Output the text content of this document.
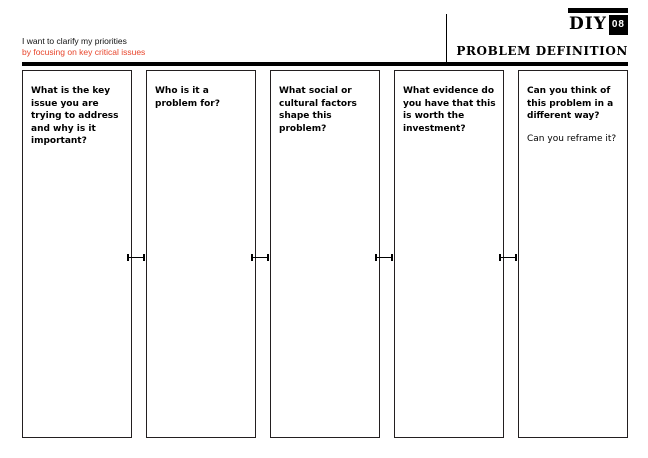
DIY 08
I want to clarify my priorities
by focusing on key critical issues	PROBLEM DEFINITION
What is the key issue you are trying to address and why is it important?
Who is it a problem for?
What social or cultural factors shape this problem?
What evidence do you have that this is worth the investment?
Can you think of this problem in a different way?
Can you reframe it?
